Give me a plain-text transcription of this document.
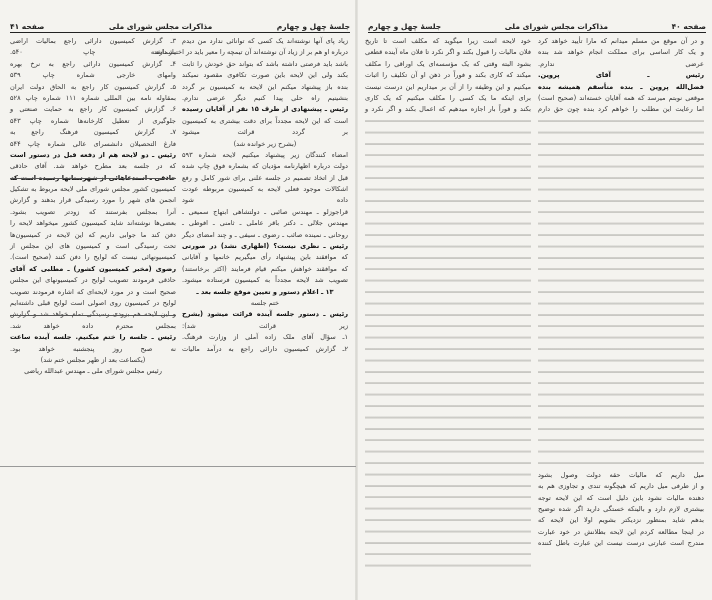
صفحه ۴۱	مذاکرات مجلس شورای ملی	جلسهٔ چهل و چهارم
زیاد پای آنها نوشته‌اند یک کسی که توانائی ندارد من دیدم
درباره او هم بر از زیاد آن نوشته‌اند آن تیمچه را معیر باید در اختیار داشته
باشد باید فرصتی داشته باشد که بتواند حق خودش را ثابت
بکند ولی این لایحه باین صورت تکافوی مقصود نمیکند
بنده باز پیشنهاد میکنم این لایحه به کمیسیون بر گردد
بنشینیم راه حلی پیدا کنیم دیگر عرضی ندارم.
رئیس ـ پیشنهادی از طرف ۱۵ نفر از آقایان رسیده
است که این لایحه مجدداً برای دقت بیشتری به کمیسیون
بر گردد قرائت میشود
(بشرح زیر خوانده شد)
امضاء کنندگان زیر پیشنهاد میکنیم لایحه شماره ۵۹۳
دولت درباره اظهارنامه مؤدیان که بشماره فوق چاپ شده
قبل از اتخاذ تصمیم در جلسه علنی برای شور کامل و رفع
اشکالات موجود فعلی لایحه به کمیسیون مربوطه عودت
داده شود
قراجوزلو ـ مهندس صائبی ـ دولتشاهی ابتهاج سمیعی ـ
مهندس جلالی ـ دکتر باقر عاملی ـ ثامنی ـ افوطی ـ
روحانی ـ نمینده صائب ـ رضوی ـ سیفی ـ و چند امضای دیگر
رئیس ـ نظری نیست؟ (اظهاری نشد) در صورتی
که موافقند باین پیشنهاد رأی میگیریم خانمها و آقایانی
که موافقند خواهش میکنم قیام فرمایند (اکثر برخاستند)
تصویب شد لایحه مجدداً به کمیسیون فرستاده میشود.
۱۳ ـ اعلام دستور و تعیین موقع جلسه بعد ـ
ختم جلسه
رئیس ـ دستور جلسه آینده قرائت میشود (بشرح
زیر قرائت شد):
۱ـ سؤال آقای ملک زاده آملی از وزارت فرهنگ.
۲ـ گزارش کمیسیون دارائی راجع به درآمد مالیات
۳ـ گزارش کمیسیون دارائی راجع بمالیات اراضی
بشماره چاپ ۵۴۰.
۴ـ گزارش کمیسیون دارائی راجع به نرخ بهره
وامهای خارجی شماره چاپ ۵۳۹
۵ـ گزارش کمیسیون کار راجع به الحاق دولت ایران
بمقاوله نامه بین المللی شماره ۱۱۱ شماره چاپ ۵۲۸
۶ـ گزارش کمیسیون کار راجع به حمایت صنعتی و
جلوگیری از تعطیل کارخانه‌ها شماره چاپ ۵۴۳
۷ـ گزارش کمیسیون فرهنگ راجع به
فارغ التحصیلان دانشسرای عالی شماره چاپ ۵۴۴
رئیس ـ دو لایحه هم از دفعه قبل در دستور است
که در جلسه بعد مطرح خواهد شد. آقای حاذقی
کمیسیون کشور مجلس شورای ملی لایحه مربوط به تشکیل
انجمن های شهر را مورد رسیدگی قرار بدهند و گزارش
آنرا بمجلس بفرستند که زودتر تصویب بشود.
بعضی‌ها نوشته‌اند شاید کمیسیون کشور میخواهد لایحه را
دفن کند ما جوابی داریم که این لایحه در کمیسیون‌ها
تحت رسیدگی است و کمیسیون های این مجلس از
کمیسیونهائی نیست که لوایح را دفن کنند (صحیح است).
رضوی (مخبر کمیسیون کشور) ـ مطلبی که آقای
حاذقی فرمودند تصویب لوایح در کمیسیونهای این مجلس
صحیح است و در مورد لایحه‌ای که اشاره فرمودند تصویب
لوایح در کمیسیون روی اصولی است لوایح قبلی داشته‌ایم
بمجلس محترم داده خواهد شد.
رئیس ـ جلسه را ختم میکنیم. جلسه آینده ساعت
نه صبح روز پنجشنبه خواهد بود.
(یکساعت بعد از ظهر مجلس ختم شد)
رئیس مجلس شورای ملی ـ مهندس عبدالله ریاضی
جلسهٔ چهل و چهارم	مذاکرات مجلس شورای ملی	صفحه ۴۰
و در آن موقع من مسلم میدانم که مارا تأیید خواهد کرد
و یک کار اساسی برای مملکت انجام خواهد شد بنده
عرضی ندارم.
رئیس ـ آقای پروین.
فضل‌الله پروین ـ بنده متأسفم همیشه بنده
موقعی نوبتم میرسد که همه آقایان خسته‌اند (صحیح است)
اما رعایت این مطلب را خواهم کرد بنده چون حق دارم
میل داریم که مالیات حقه دولت وصول بشود
و از طرفی میل داریم که هیچگونه تندی و تجاوزی هم به
دهنده مالیات نشود باین دلیل است که این لایحه توجه
بیشتری لازم دارد و بالینکه خستگی دارید اگر شده توضیح
بدهم شاید بمنظور نزدیکتر بشویم اولا این لایحه که
در اینجا مطالعه کردم این لایحه بطلانش در خود عبارت
مندرج است عبارتی درست نیست این عبارت باطل کننده
خود لایحه است زیرا میگوید که مکلف است تا تاریخ
فلان مالیات را قبول بکند و اگر نکرد تا فلان ماه آینده قطعی
بشود البته وقتی که یک مؤسسه‌ای یک اوراقی را مکلف
میکند که کاری بکند و فوراً در ذهن او آن تکلیف را اثبات
میکنیم و این وظیفه را از آن بر میداریم این درست نیست
برای اینکه ما یک کسی را مکلف میکنیم که یک کاری
بکند و فوراً بار اجازه میدهیم که اعمال بکند و اگر نکرد و
